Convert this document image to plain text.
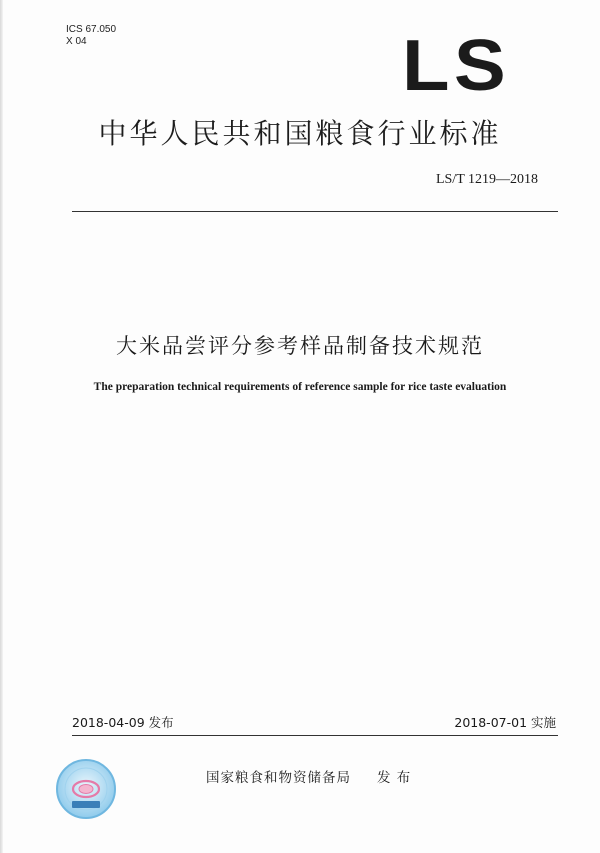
ICS 67.050
X 04	LS
中华人民共和国粮食行业标准
LS/T 1219—2018
大米品尝评分参考样品制备技术规范
The preparation technical requirements of reference sample for rice taste evaluation
2018-04-09 发布	2018-07-01 实施
国家粮食和物资储备局 发 布
